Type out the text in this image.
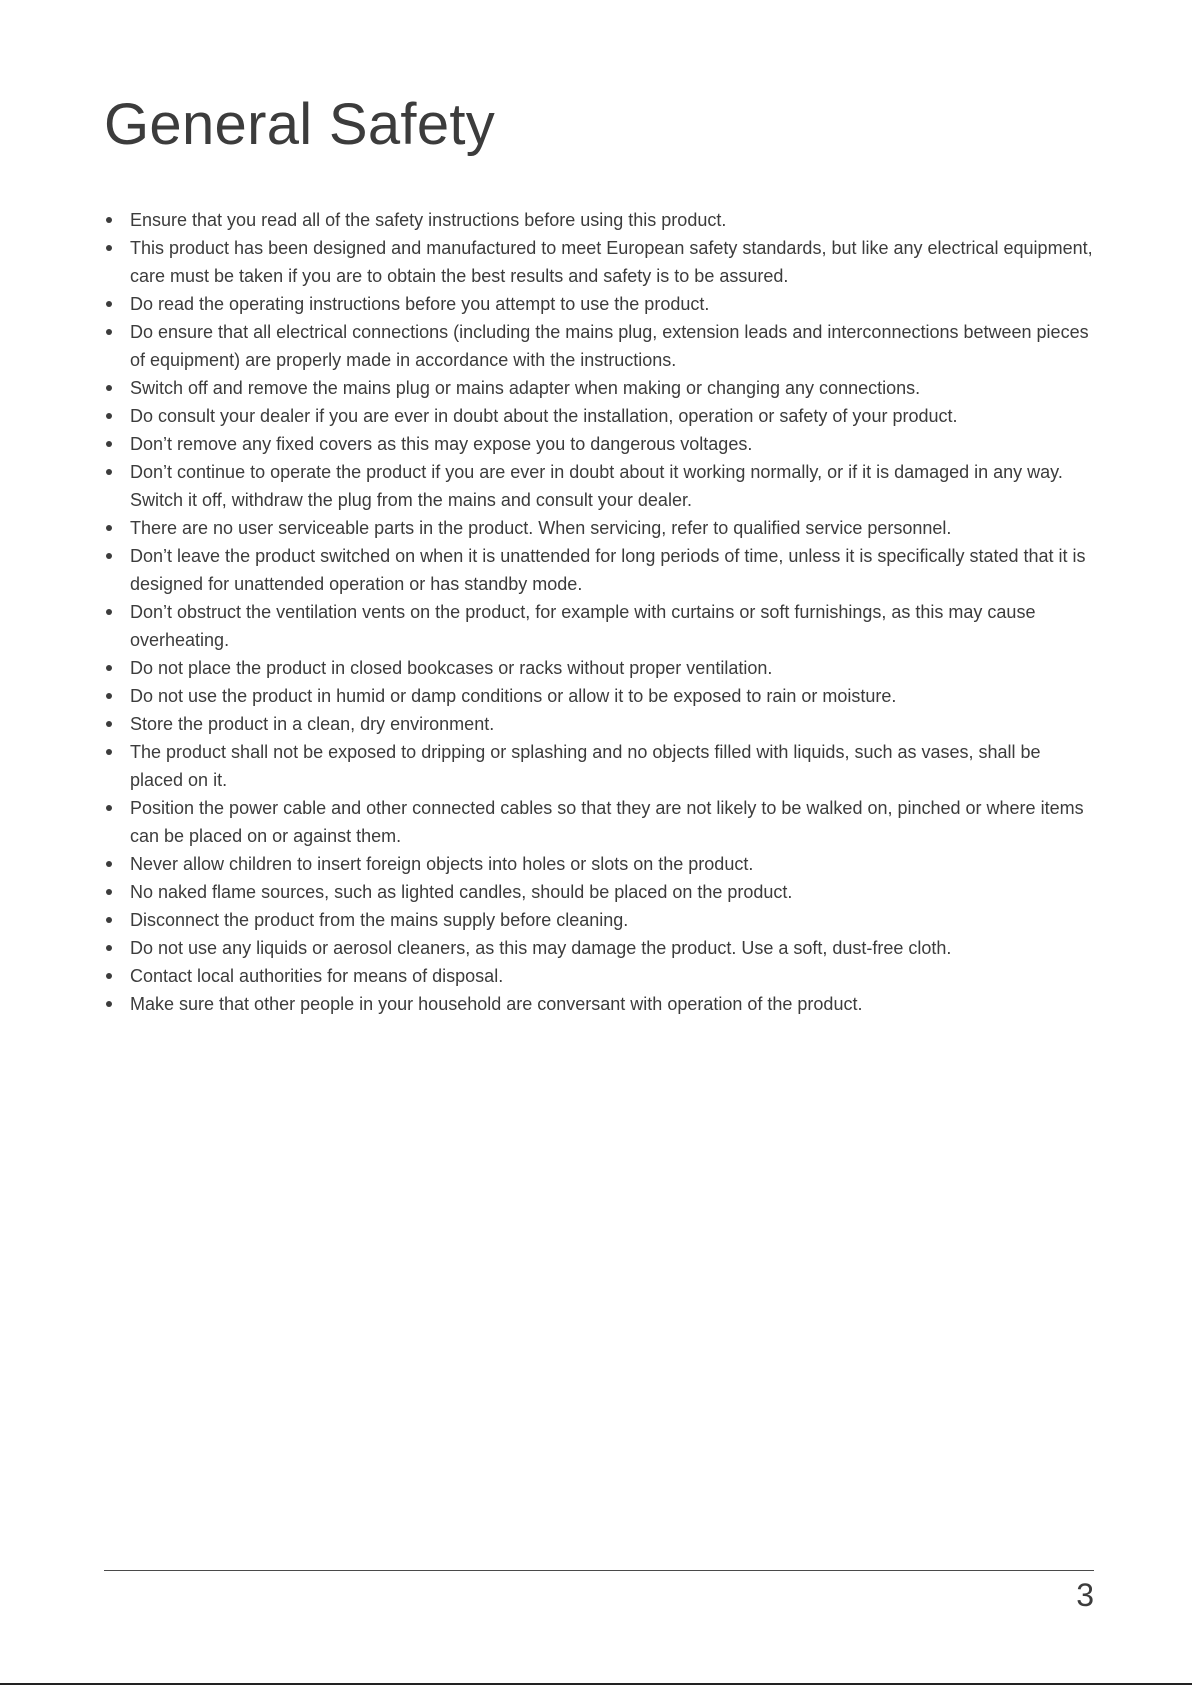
General Safety
Ensure that you read all of the safety instructions before using this product.
This product has been designed and manufactured to meet European safety standards, but like any electrical equipment, care must be taken if you are to obtain the best results and safety is to be assured.
Do read the operating instructions before you attempt to use the product.
Do ensure that all electrical connections (including the mains plug, extension leads and interconnections between pieces of equipment) are properly made in accordance with the instructions.
Switch off and remove the mains plug or mains adapter when making or changing any connections.
Do consult your dealer if you are ever in doubt about the installation, operation or safety of your product.
Don’t remove any fixed covers as this may expose you to dangerous voltages.
Don’t continue to operate the product if you are ever in doubt about it working normally, or if it is damaged in any way. Switch it off, withdraw the plug from the mains and consult your dealer.
There are no user serviceable parts in the product. When servicing, refer to qualified service personnel.
Don’t leave the product switched on when it is unattended for long periods of time, unless it is specifically stated that it is designed for unattended operation or has standby mode.
Don’t obstruct the ventilation vents on the product, for example with curtains or soft furnishings, as this may cause overheating.
Do not place the product in closed bookcases or racks without proper ventilation.
Do not use the product in humid or damp conditions or allow it to be exposed to rain or moisture.
Store the product in a clean, dry environment.
The product shall not be exposed to dripping or splashing and no objects filled with liquids, such as vases, shall be placed on it.
Position the power cable and other connected cables so that they are not likely to be walked on, pinched or where items can be placed on or against them.
Never allow children to insert foreign objects into holes or slots on the product.
No naked flame sources, such as lighted candles, should be placed on the product.
Disconnect the product from the mains supply before cleaning.
Do not use any liquids or aerosol cleaners, as this may damage the product. Use a soft, dust-free cloth.
Contact local authorities for means of disposal.
Make sure that other people in your household are conversant with operation of the product.
3
